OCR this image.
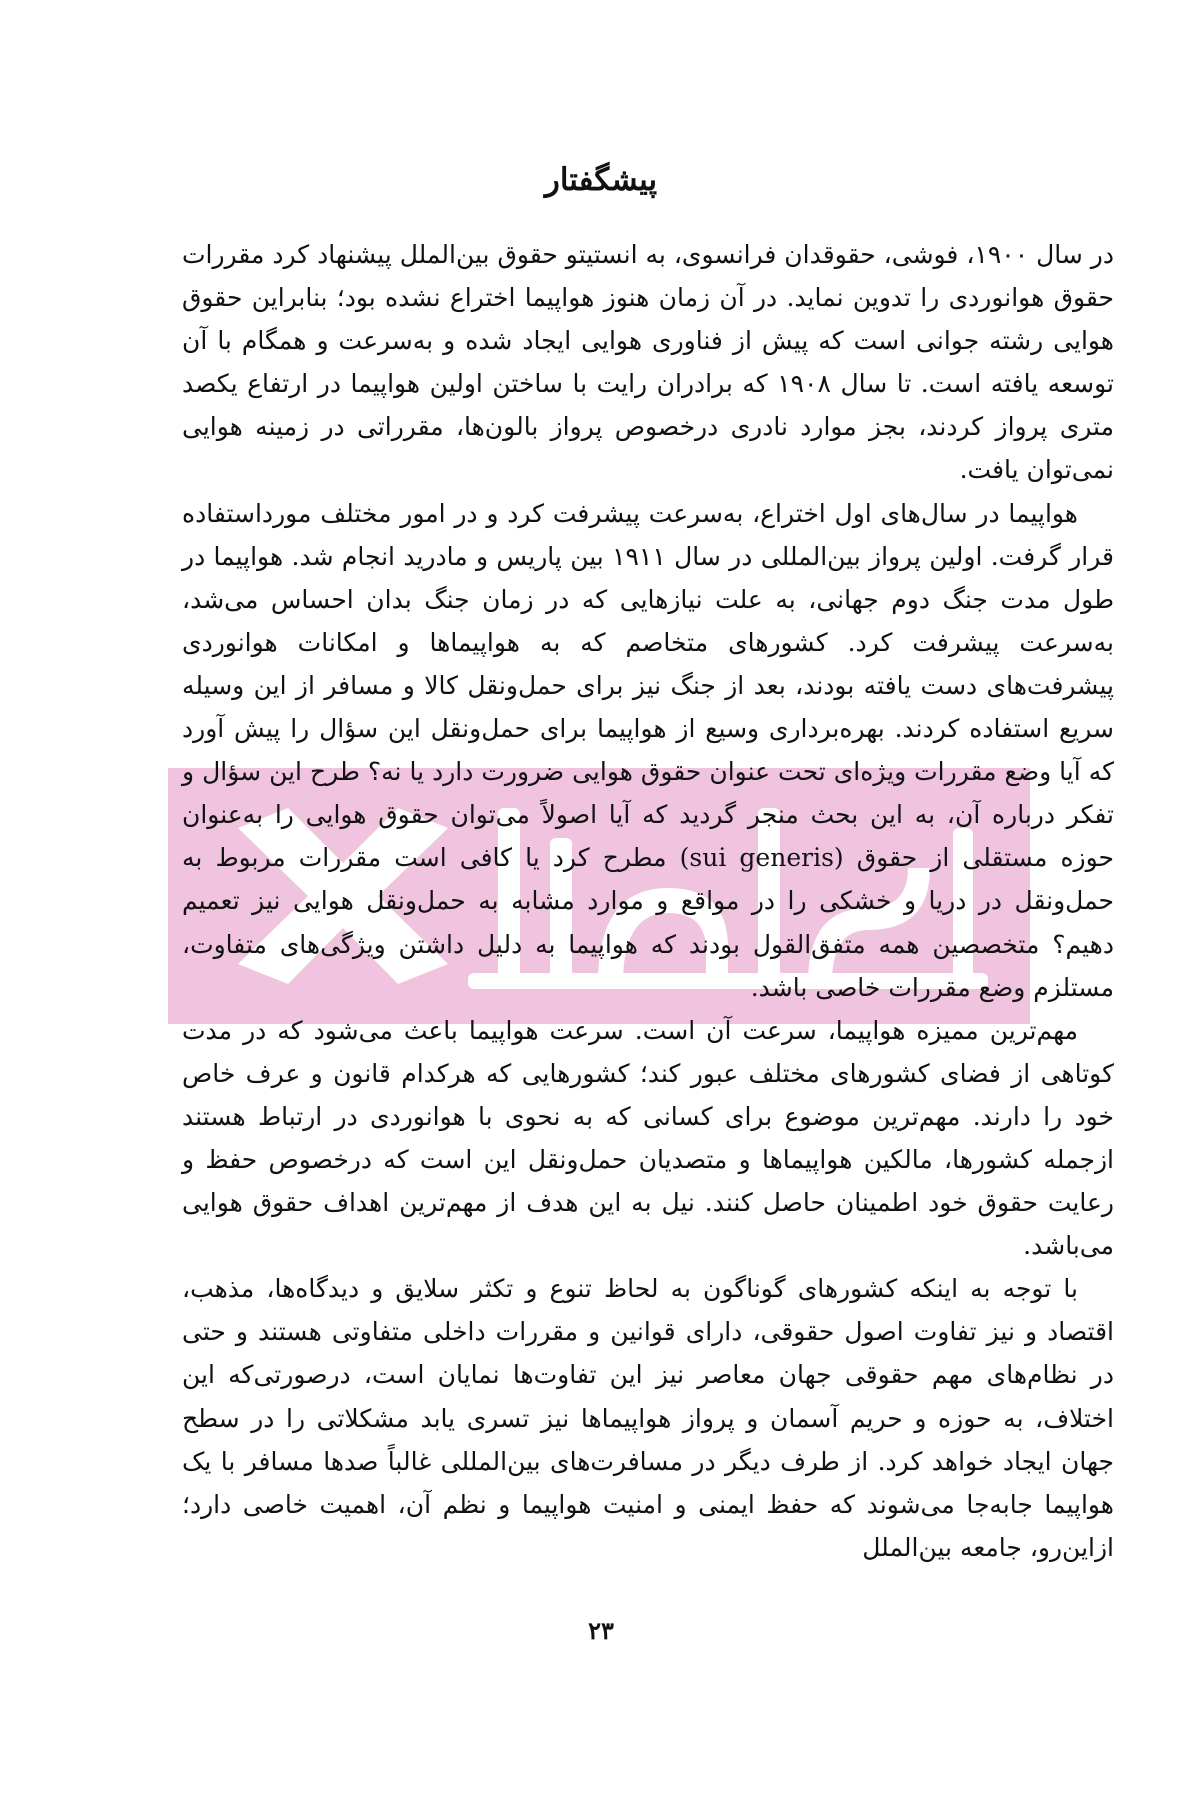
پیشگفتار

در سال ۱۹۰۰، فوشی، حقوقدان فرانسوی، به انستیتو حقوق بین‌الملل پیشنهاد کرد مقررات حقوق هوانوردی را تدوین نماید. در آن زمان هنوز هواپیما اختراع نشده بود؛ بنابراین حقوق هوایی رشته جوانی است که پیش از فناوری هوایی ایجاد شده و به‌سرعت و همگام با آن توسعه یافته است. تا سال ۱۹۰۸ که برادران رایت با ساختن اولین هواپیما در ارتفاع یکصد متری پرواز کردند، بجز موارد نادری درخصوص پرواز بالون‌ها، مقرراتی در زمینه هوایی نمی‌توان یافت.

هواپیما در سال‌های اول اختراع، به‌سرعت پیشرفت کرد و در امور مختلف مورداستفاده قرار گرفت. اولین پرواز بین‌المللی در سال ۱۹۱۱ بین پاریس و مادرید انجام شد. هواپیما در طول مدت جنگ دوم جهانی، به علت نیازهایی که در زمان جنگ بدان احساس می‌شد، به‌سرعت پیشرفت کرد. کشورهای متخاصم که به هواپیماها و امکانات هوانوردی پیشرفت‌های دست یافته بودند، بعد از جنگ نیز برای حمل‌ونقل کالا و مسافر از این وسیله سریع استفاده کردند. بهره‌برداری وسیع از هواپیما برای حمل‌ونقل این سؤال را پیش آورد که آیا وضع مقررات ویژه‌ای تحت عنوان حقوق هوایی ضرورت دارد یا نه؟ طرح این سؤال و تفکر درباره آن، به این بحث منجر گردید که آیا اصولاً می‌توان حقوق هوایی را به‌عنوان حوزه مستقلی از حقوق (sui generis) مطرح کرد یا کافی است مقررات مربوط به حمل‌ونقل در دریا و خشکی را در مواقع و موارد مشابه به حمل‌ونقل هوایی نیز تعمیم دهیم؟ متخصصین همه متفق‌القول بودند که هواپیما به دلیل داشتن ویژگی‌های متفاوت، مستلزم وضع مقررات خاصی باشد.

مهم‌ترین ممیزه هواپیما، سرعت آن است. سرعت هواپیما باعث می‌شود که در مدت کوتاهی از فضای کشورهای مختلف عبور کند؛ کشورهایی که هرکدام قانون و عرف خاص خود را دارند. مهم‌ترین موضوع برای کسانی که به نحوی با هوانوردی در ارتباط هستند ازجمله کشورها، مالکین هواپیماها و متصدیان حمل‌ونقل این است که درخصوص حفظ و رعایت حقوق خود اطمینان حاصل کنند. نیل به این هدف از مهم‌ترین اهداف حقوق هوایی می‌باشد.

با توجه به اینکه کشورهای گوناگون به لحاظ تنوع و تکثر سلایق و دیدگاه‌ها، مذهب، اقتصاد و نیز تفاوت اصول حقوقی، دارای قوانین و مقررات داخلی متفاوتی هستند و حتی در نظام‌های مهم حقوقی جهان معاصر نیز این تفاوت‌ها نمایان است، درصورتی‌که این اختلاف، به حوزه و حریم آسمان و پرواز هواپیماها نیز تسری یابد مشکلاتی را در سطح جهان ایجاد خواهد کرد. از طرف دیگر در مسافرت‌های بین‌المللی غالباً صدها مسافر با یک هواپیما جابه‌جا می‌شوند که حفظ ایمنی و امنیت هواپیما و نظم آن، اهمیت خاصی دارد؛ ازاین‌رو، جامعه بین‌الملل

۲۳
